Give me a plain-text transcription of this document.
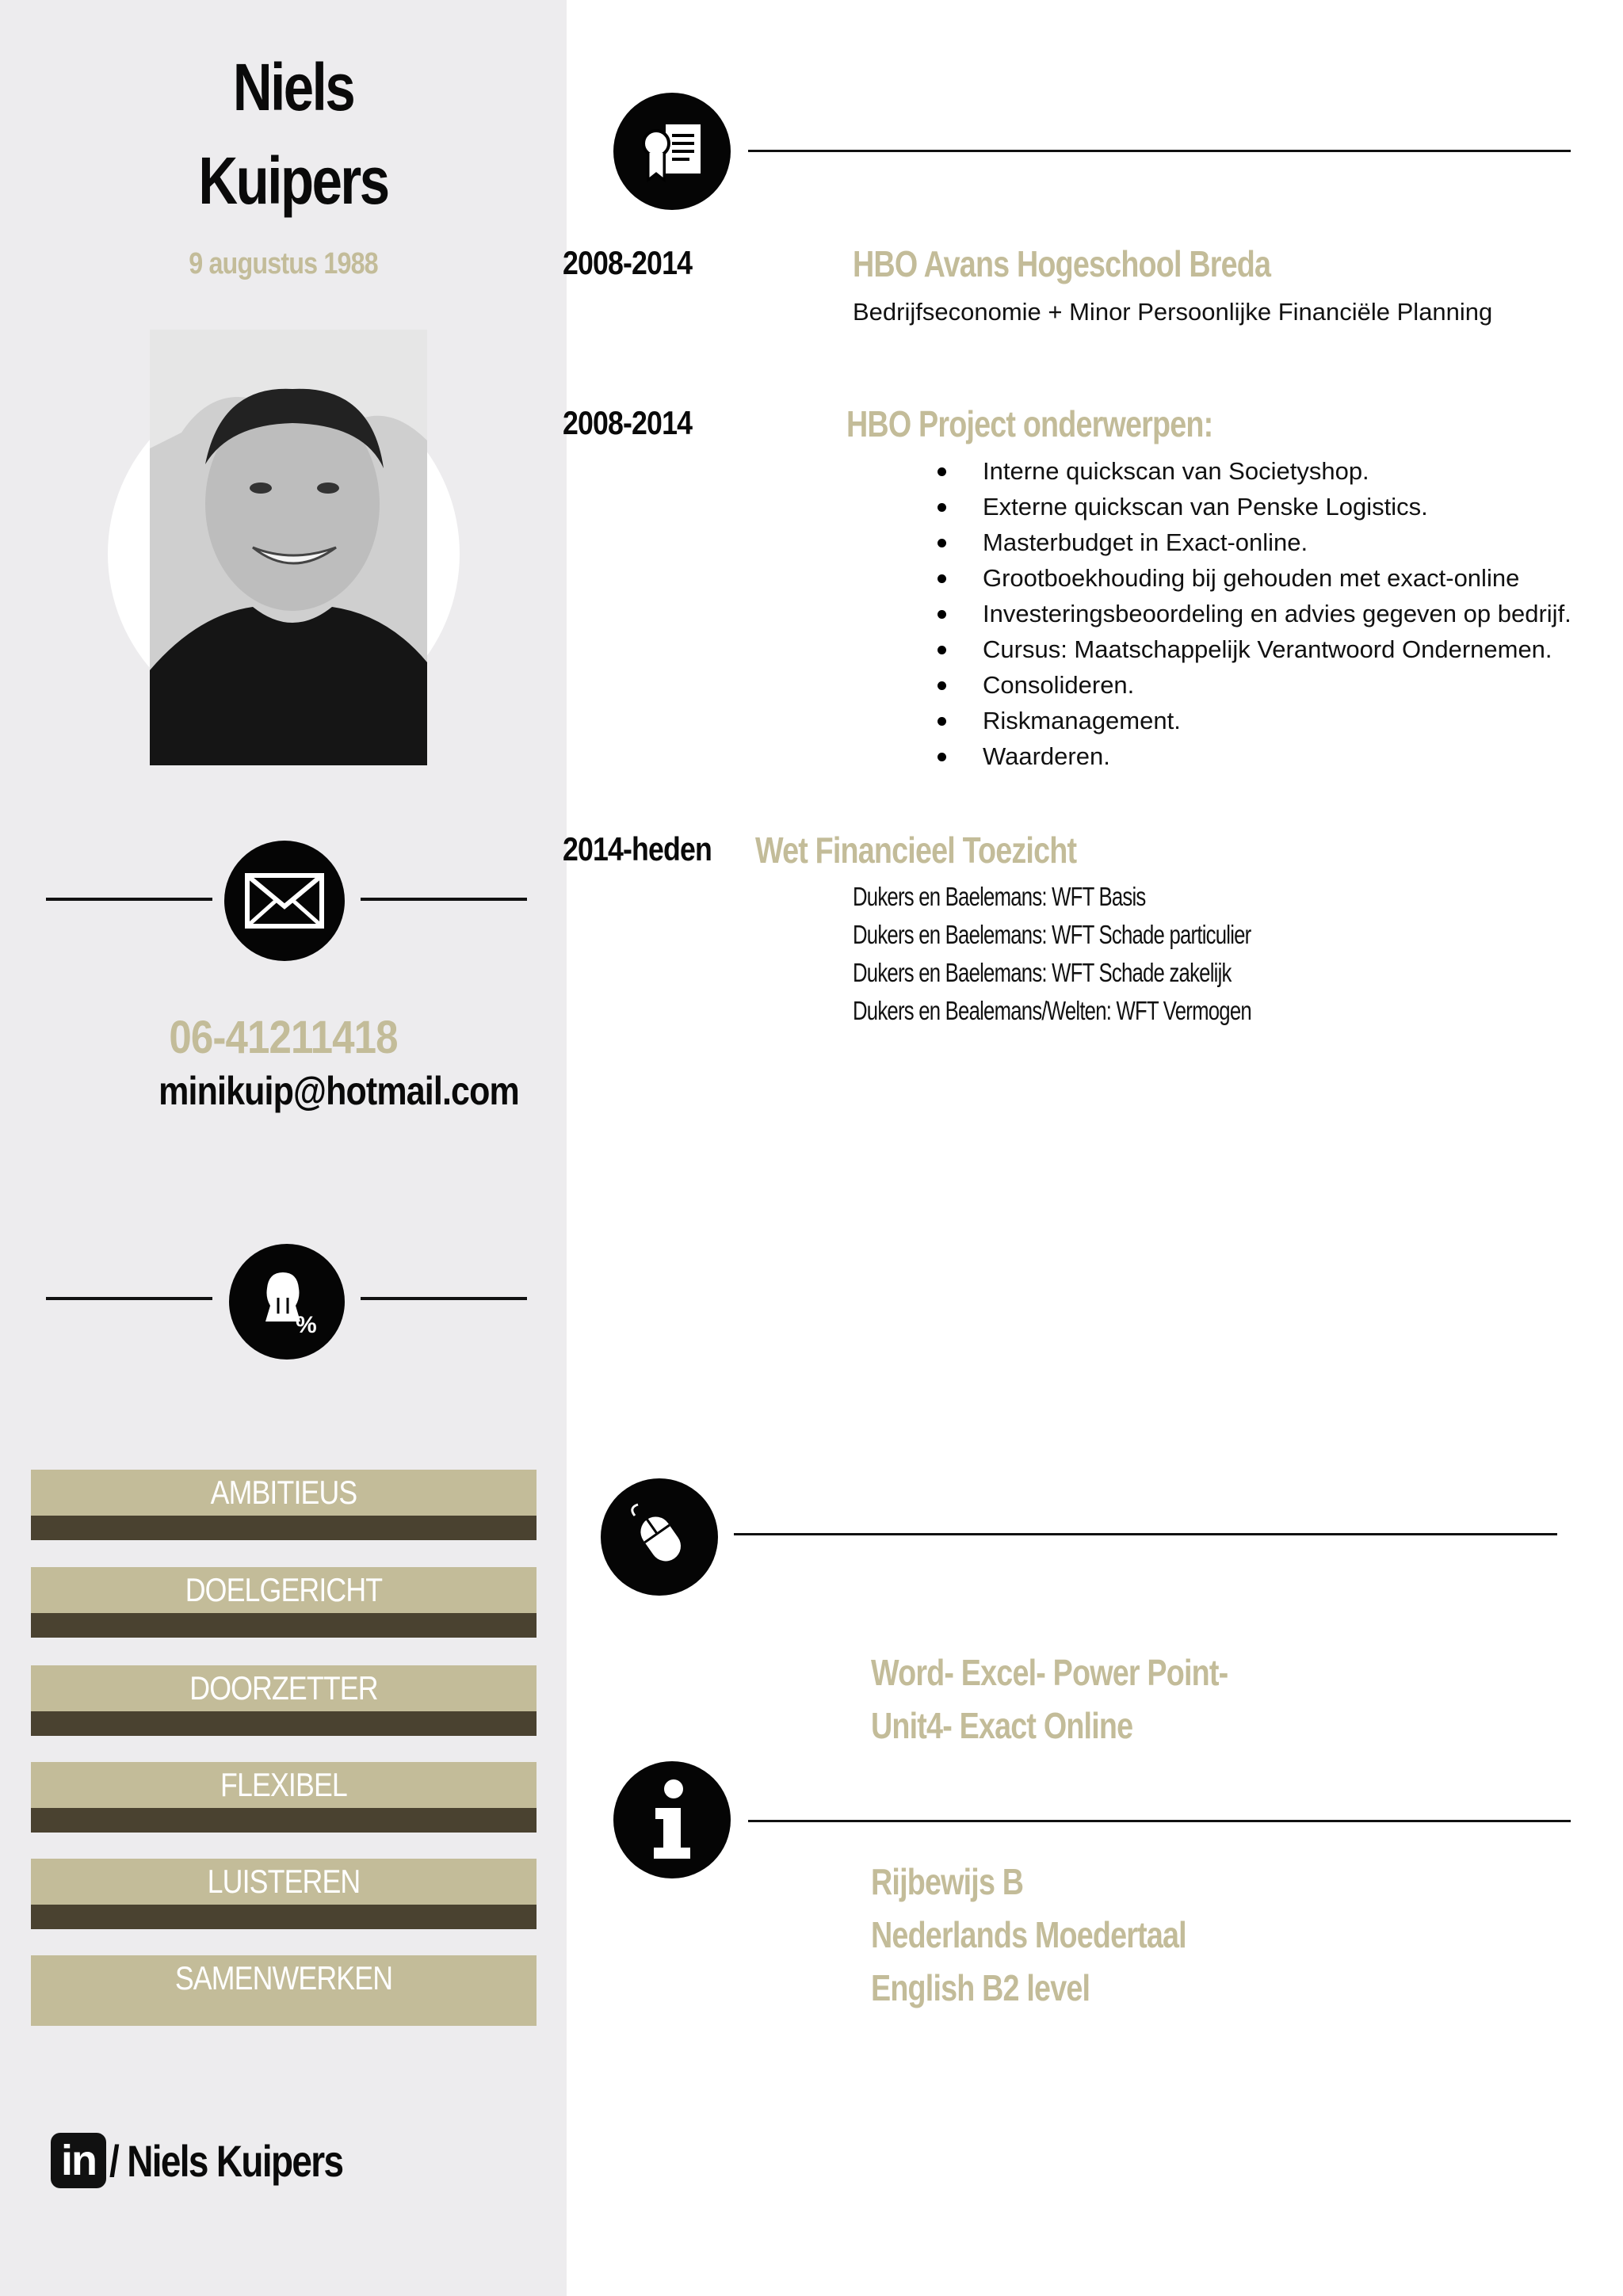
Niels
Kuipers
9 augustus 1988
06-41211418
minikuip@hotmail.com
%
AMBITIEUS
DOELGERICHT
DOORZETTER
FLEXIBEL
LUISTEREN
SAMENWERKEN
in / Niels Kuipers
2008-2014	HBO Avans Hogeschool Breda
Bedrijfseconomie + Minor Persoonlijke Financiële Planning
2008-2014	HBO Project onderwerpen:
Interne quickscan van Societyshop.
Externe quickscan van Penske Logistics.
Masterbudget in Exact-online.
Grootboekhouding bij gehouden met exact-online
Investeringsbeoordeling en advies gegeven op bedrijf.
Cursus: Maatschappelijk Verantwoord Ondernemen.
Consolideren.
Riskmanagement.
Waarderen.
2014-heden Wet Financieel Toezicht
Dukers en Baelemans: WFT Basis
Dukers en Baelemans: WFT Schade particulier
Dukers en Baelemans: WFT Schade zakelijk
Dukers en Bealemans/Welten: WFT Vermogen
Word- Excel- Power Point-
Unit4- Exact Online
Rijbewijs B
Nederlands Moedertaal
English B2 level
